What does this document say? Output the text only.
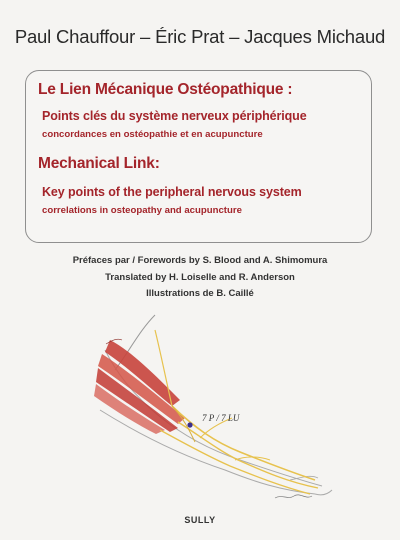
Paul Chauffour – Éric Prat – Jacques Michaud
Le Lien Mécanique Ostéopathique :
Points clés du système nerveux périphérique
concordances en ostéopathie et en acupuncture
Mechanical Link:
Key points of the peripheral nervous system
correlations in osteopathy and acupuncture
Préfaces par / Forewords by S. Blood and A. Shimomura
Translated by H. Loiselle and R. Anderson
Illustrations de B. Caillé
7 P / 7 LU
SULLY
